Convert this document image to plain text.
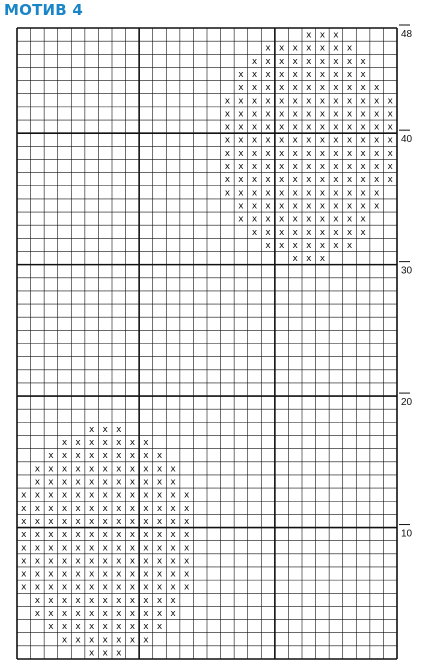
МОТИВ 4
x x x
x x x x x x x
x x x x x x x x x
x x x x x x x x x x
x x x x x x x x x x x
x x x x x x x x x x x x x
x x x x x x x x x x x x x
x x x x x x x x x x x x x
x x x x x x x x x x x x x
x x x x x x x x x x x x x
x x x x x x x x x x x x x
x x x x x x x x x x x x x
x x x x x x x x x x x x
x x x x x x x x x x x
x x x x x x x x x x
x x x x x x x x x
x x x x x x x
x x x
x x x
x x x x x x x
x x x x x x x x x
x x x x x x x x x x x
x x x x x x x x x x x
x x x x x x x x x x x x x
x x x x x x x x x x x x x
x x x x x x x x x x x x x
x x x x x x x x x x x x x
x x x x x x x x x x x x x
x x x x x x x x x x x x x
x x x x x x x x x x x x x
x x x x x x x x x x x x x
x x x x x x x x x x x
x x x x x x x x x x x
x x x x x x x x x
x x x x x x x
x x x
48
40
30
20
10
